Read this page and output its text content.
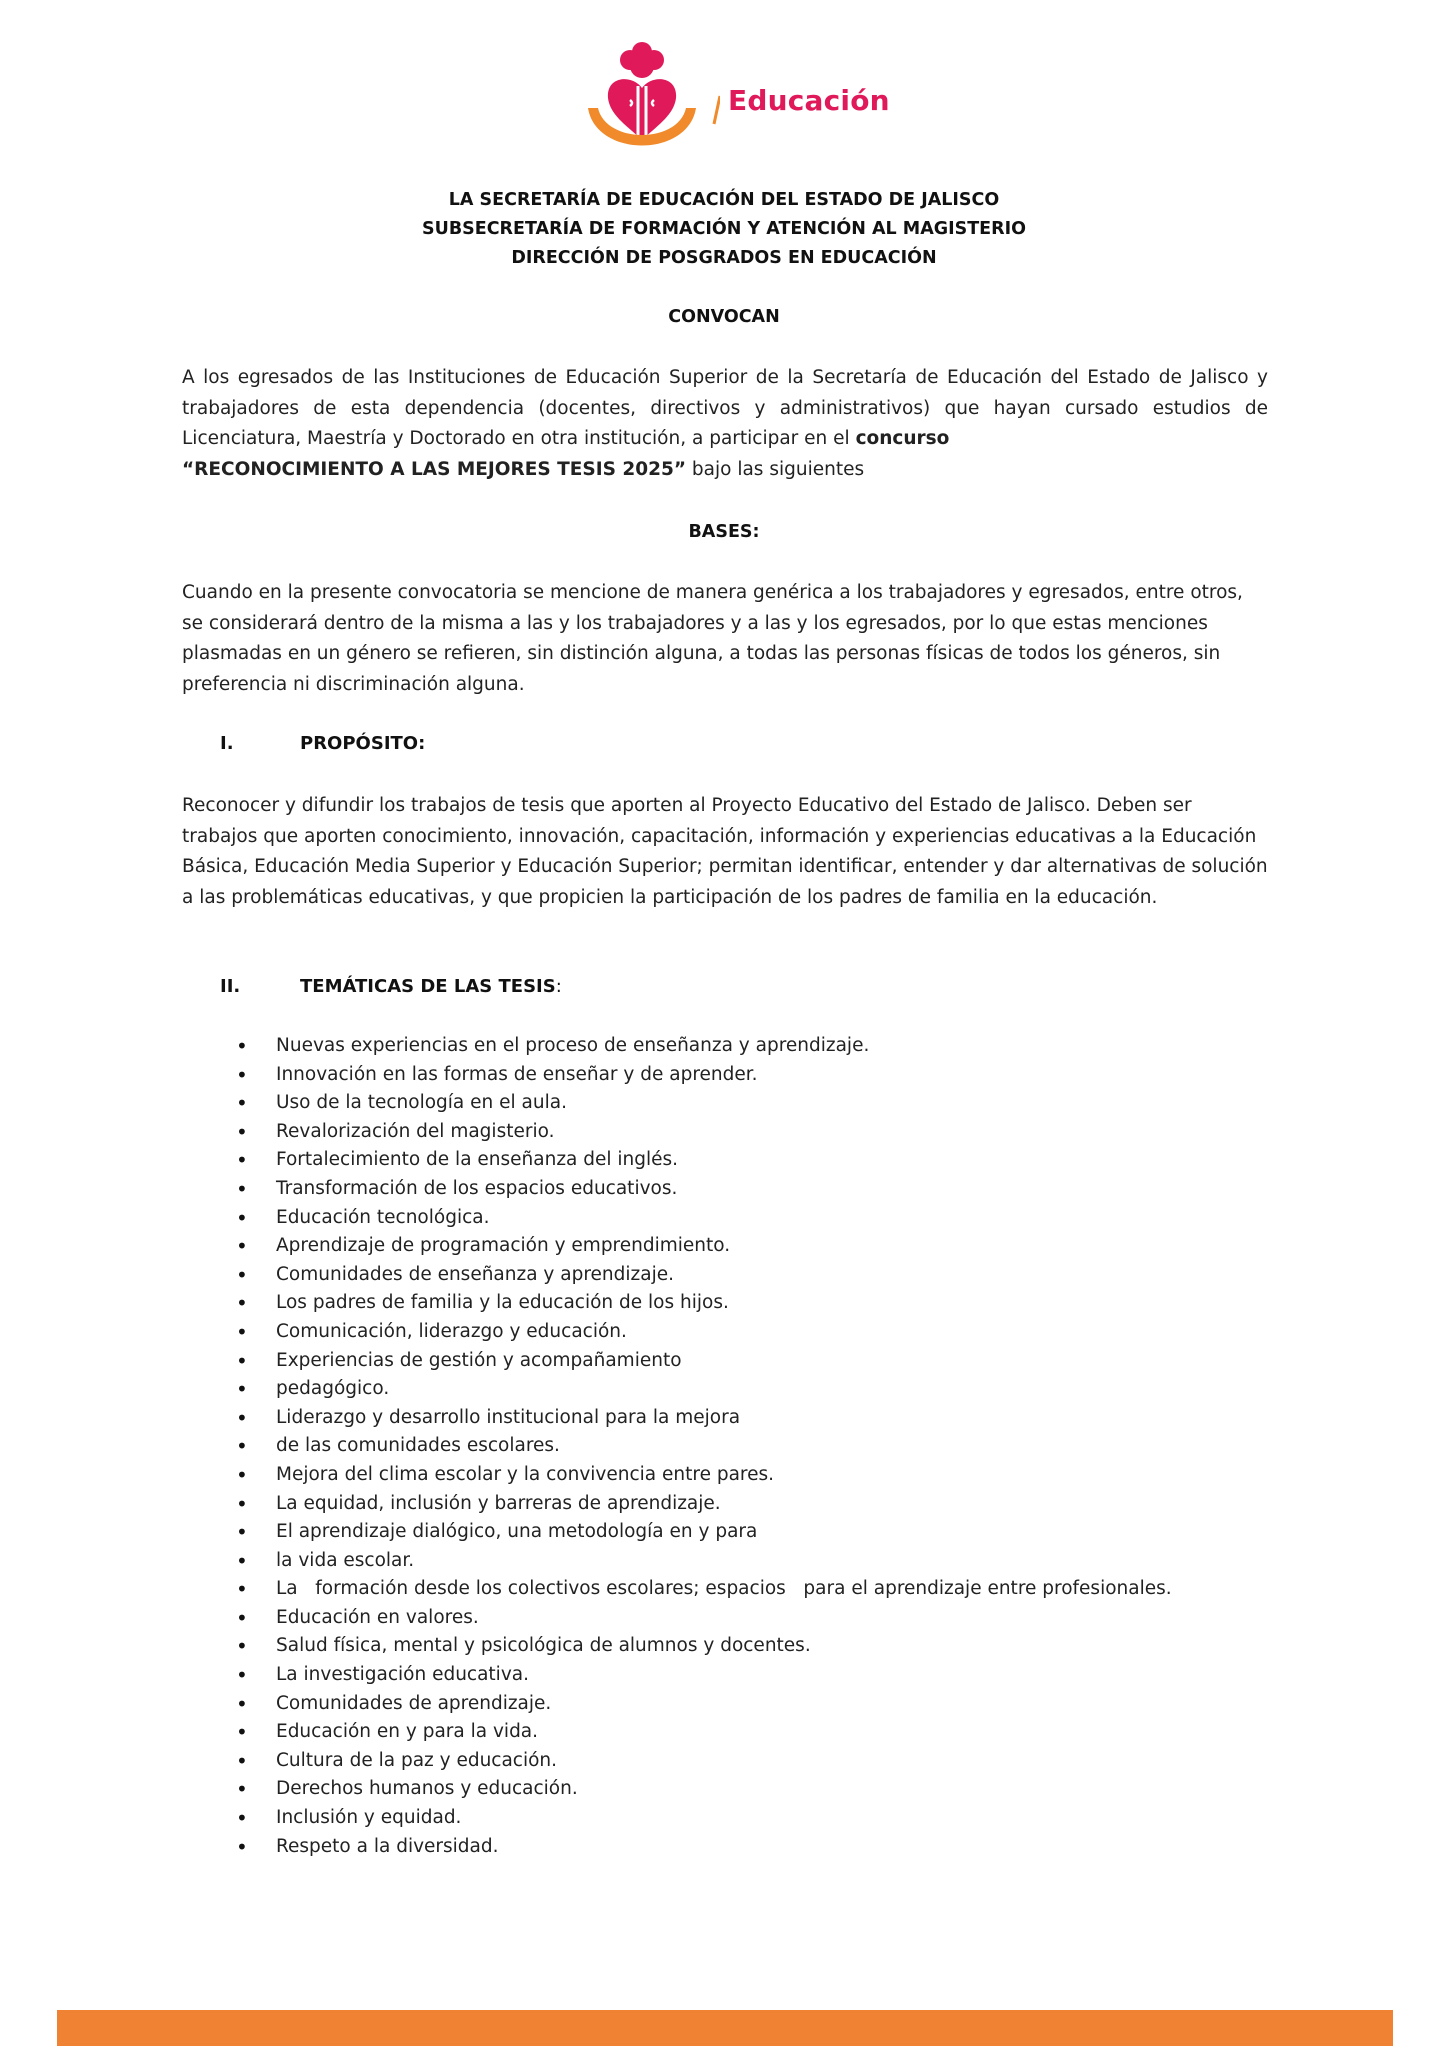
Educación

LA SECRETARÍA DE EDUCACIÓN DEL ESTADO DE JALISCO

SUBSECRETARÍA DE FORMACIÓN Y ATENCIÓN AL MAGISTERIO

DIRECCIÓN DE POSGRADOS EN EDUCACIÓN

CONVOCAN

A los egresados de las Instituciones de Educación Superior de la Secretaría de Educación del Estado de Jalisco y trabajadores de esta dependencia (docentes, directivos y administrativos) que hayan cursado estudios de Licenciatura, Maestría y Doctorado en otra institución, a participar en el concurso
“RECONOCIMIENTO A LAS MEJORES TESIS 2025” bajo las siguientes

BASES:

Cuando en la presente convocatoria se mencione de manera genérica a los trabajadores y egresados, entre otros, se considerará dentro de la misma a las y los trabajadores y a las y los egresados, por lo que estas menciones plasmadas en un género se refieren, sin distinción alguna, a todas las personas físicas de todos los géneros, sin preferencia ni discriminación alguna.

I.	PROPÓSITO:

Reconocer y difundir los trabajos de tesis que aporten al Proyecto Educativo del Estado de Jalisco. Deben ser trabajos que aporten conocimiento, innovación, capacitación, información y experiencias educativas a la Educación Básica, Educación Media Superior y Educación Superior; permitan identificar, entender y dar alternativas de solución a las problemáticas educativas, y que propicien la participación de los padres de familia en la educación.

II.	TEMÁTICAS DE LAS TESIS:
• Nuevas experiencias en el proceso de enseñanza y aprendizaje.
• Innovación en las formas de enseñar y de aprender.
• Uso de la tecnología en el aula.
• Revalorización del magisterio.
• Fortalecimiento de la enseñanza del inglés.
• Transformación de los espacios educativos.
• Educación tecnológica.
• Aprendizaje de programación y emprendimiento.
• Comunidades de enseñanza y aprendizaje.
• Los padres de familia y la educación de los hijos.
• Comunicación, liderazgo y educación.
• Experiencias de gestión y acompañamiento
• pedagógico.
• Liderazgo y desarrollo institucional para la mejora
• de las comunidades escolares.
• Mejora del clima escolar y la convivencia entre pares.
• La equidad, inclusión y barreras de aprendizaje.
• El aprendizaje dialógico, una metodología en y para
• la vida escolar.
• La   formación desde los colectivos escolares; espacios   para el aprendizaje entre profesionales.
• Educación en valores.
• Salud física, mental y psicológica de alumnos y docentes.
• La investigación educativa.
• Comunidades de aprendizaje.
• Educación en y para la vida.
• Cultura de la paz y educación.
• Derechos humanos y educación.
• Inclusión y equidad.
• Respeto a la diversidad.
